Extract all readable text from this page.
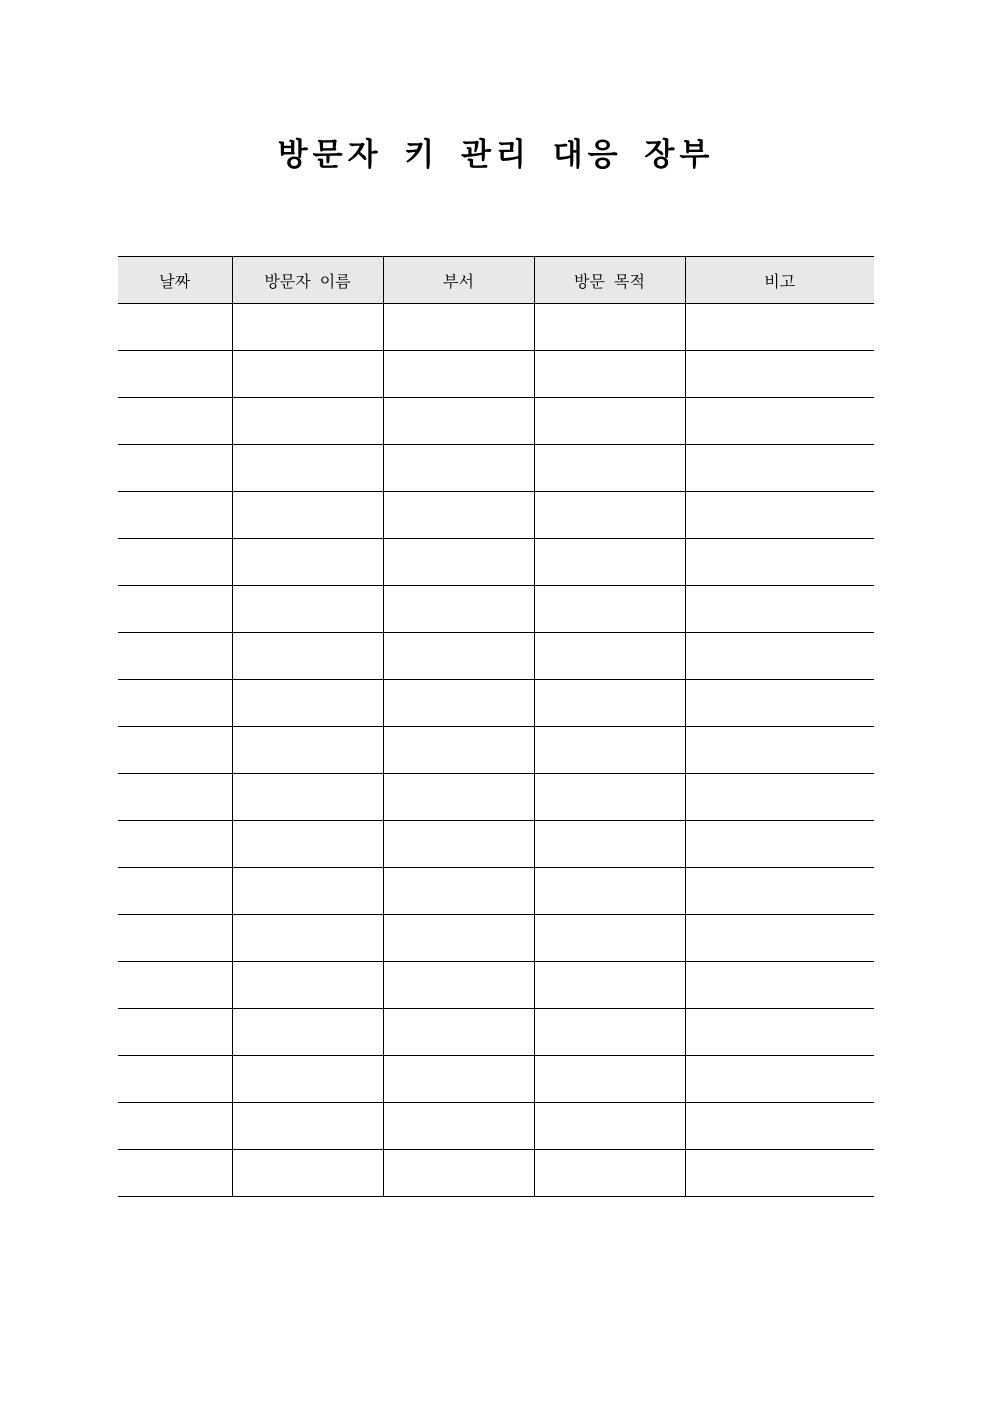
방문자 키 관리 대응 장부
날짜	방문자 이름	부서	방문 목적	비고
